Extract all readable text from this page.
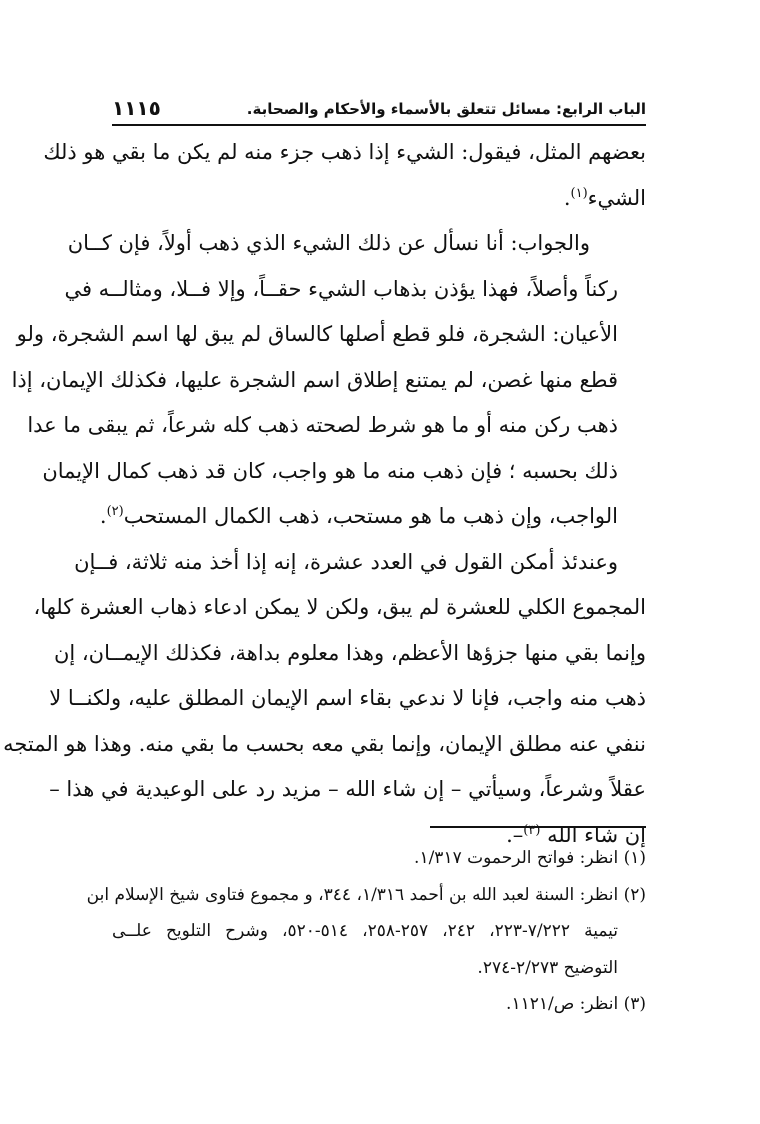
الباب الرابع: مسائل تتعلق بالأسماء والأحكام والصحابة.
١١١٥
بعضهم المثل، فيقول: الشيء إذا ذهب جزء منه لم يكن ما بقي هو ذلك
الشيء$^{(١)}$.
والجواب: أنا نسأل عن ذلك الشيء الذي ذهب أولاً، فإن كــان
ركناً وأصلاً، فهذا يؤذن بذهاب الشيء حقــاً، وإلا فــلا، ومثالــه في
الأعيان: الشجرة، فلو قطع أصلها كالساق لم يبق لها اسم الشجرة، ولو
قطع منها غصن، لم يمتنع إطلاق اسم الشجرة عليها، فكذلك الإيمان، إذا
ذهب ركن منه أو ما هو شرط لصحته ذهب كله شرعاً، ثم يبقى ما عدا
ذلك بحسبه ؛ فإن ذهب منه ما هو واجب، كان قد ذهب كمال الإيمان
الواجب، وإن ذهب ما هو مستحب، ذهب الكمال المستحب$^{(٢)}$.
وعندئذ أمكن القول في العدد عشرة، إنه إذا أخذ منه ثلاثة، فــإن
المجموع الكلي للعشرة لم يبق، ولكن لا يمكن ادعاء ذهاب العشرة كلها،
وإنما بقي منها جزؤها الأعظم، وهذا معلوم بداهة، فكذلك الإيمــان، إن
ذهب منه واجب، فإنا لا ندعي بقاء اسم الإيمان المطلق عليه، ولكنــا لا
ننفي عنه مطلق الإيمان، وإنما بقي معه بحسب ما بقي منه. وهذا هو المتجه
عقلاً وشرعاً، وسيأتي – إن شاء الله – مزيد رد على الوعيدية في هذا –
إن شاء الله $^{(٣)}$–.
(١) انظر: فواتح الرحموت ١/٣١٧.
(٢) انظر: السنة لعبد الله بن أحمد ١/٣١٦، ٣٤٤، و مجموع فتاوى شيخ الإسلام ابن
تيمية ٧/٢٢٢-٢٢٣، ٢٤٢، ٢٥٧-٢٥٨، ٥١٤-٥٢٠، وشرح التلويح علــى
التوضيح ٢/٢٧٣-٢٧٤.
(٣) انظر: ص/١١٢١.
